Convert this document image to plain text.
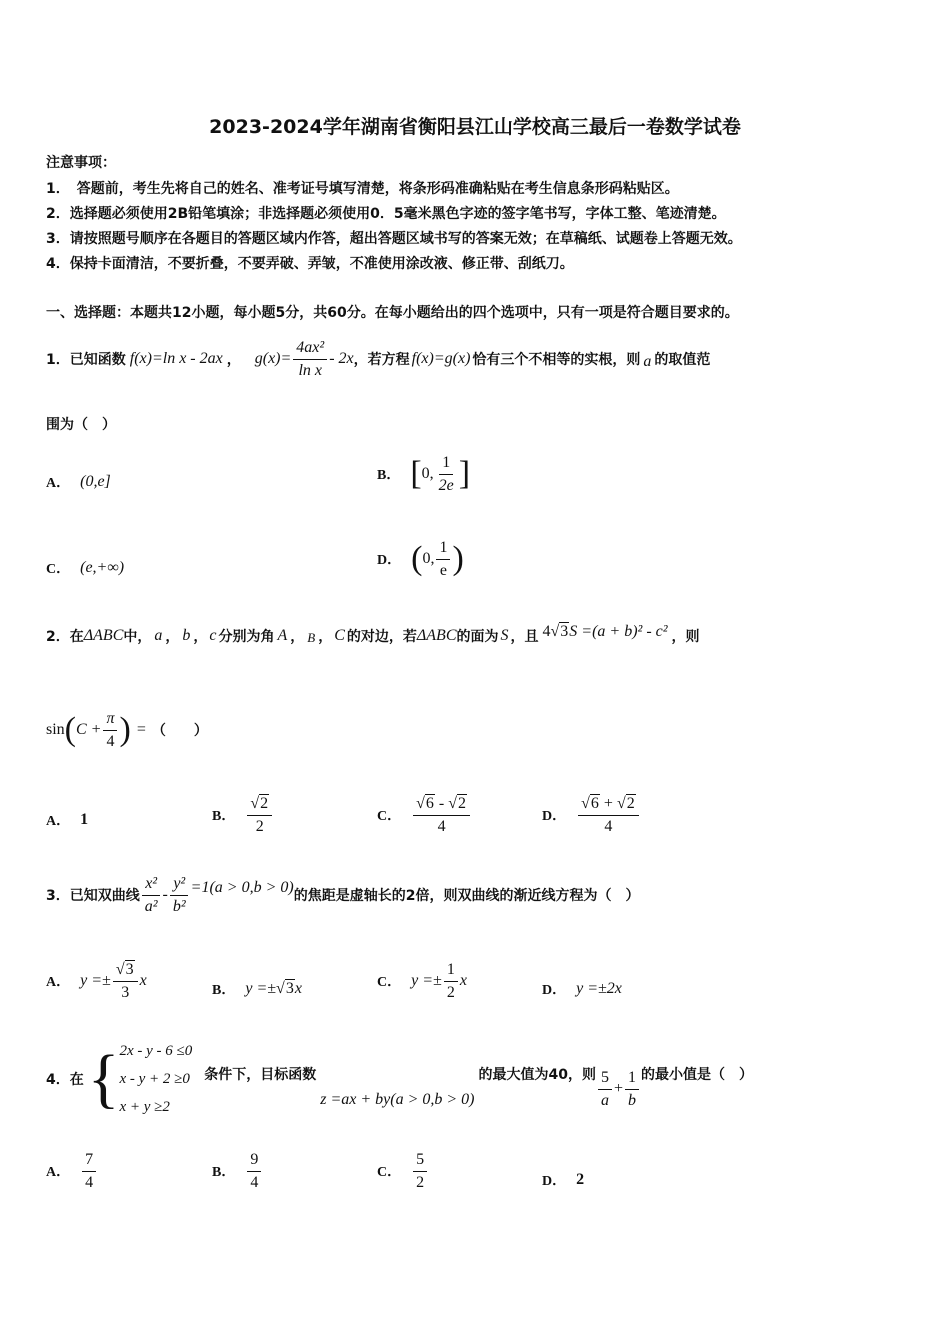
2023-2024学年湖南省衡阳县江山学校高三最后一卷数学试卷
注意事项：
1．　答题前，考生先将自己的姓名、准考证号填写清楚，将条形码准确粘贴在考生信息条形码粘贴区。
2．选择题必须使用2B铅笔填涂；非选择题必须使用0．5毫米黑色字迹的签字笔书写，字体工整、笔迹清楚。
3．请按照题号顺序在各题目的答题区域内作答，超出答题区域书写的答案无效；在草稿纸、试题卷上答题无效。
4．保持卡面清洁，不要折叠，不要弄破、弄皱，不准使用涂改液、修正带、刮纸刀。
一、选择题：本题共12小题，每小题5分，共60分。在每小题给出的四个选项中，只有一项是符合题目要求的。
1．已知函数 f(x)=ln x - 2ax ， $g(x)= \frac{\text{4ax²}}{\text{ln x}} - 2x$ ，若方程 f(x)=g(x) 恰有三个不相等的实根，则 a 的取值范
围为（　）
A． (0,e]	B． [ 0, $\frac{1}{2e}$ ]
C． (e,+∞)	D． ( 0, $\frac{1}{e}$ )
2．在 ΔABC 中， a ， b ， c 分别为角 A ， B ， C 的对边，若 ΔABC 的面为 S ，且 4√3S =(a + b)² - c² ，则
sin ( $C + \frac{\pi}{4}$ ) = （　　）
A． 1	B． $\frac{√2}{2}$	C． $\frac{√6 - √2}{4}$	D． $\frac{√6 + √2}{4}$
3．已知双曲线 $\frac{\text{x²}}{\text{a²}} - \frac{\text{y²}}{\text{b²}} =1(a > 0,b > 0)$ 的焦距是虚轴长的2倍，则双曲线的渐近线方程为（　）
A． $y =\pm \frac{√3}{3}$ x
B． y =± √3 x	C． $y =\pm \frac{1}{2}$ x
D． y =±2x
4．在 { 2x - y - 6 ≤0
x - y + 2 ≥0
x + y ≥2
条件下，目标函数
z =ax + by(a > 0,b > 0)
的最大值为40，则 $\frac{5}{a} + \frac{1}{b}$ 的最小值是（　）
A． $\frac{7}{4}$	B． $\frac{9}{4}$	C． $\frac{5}{2}$	D． 2
